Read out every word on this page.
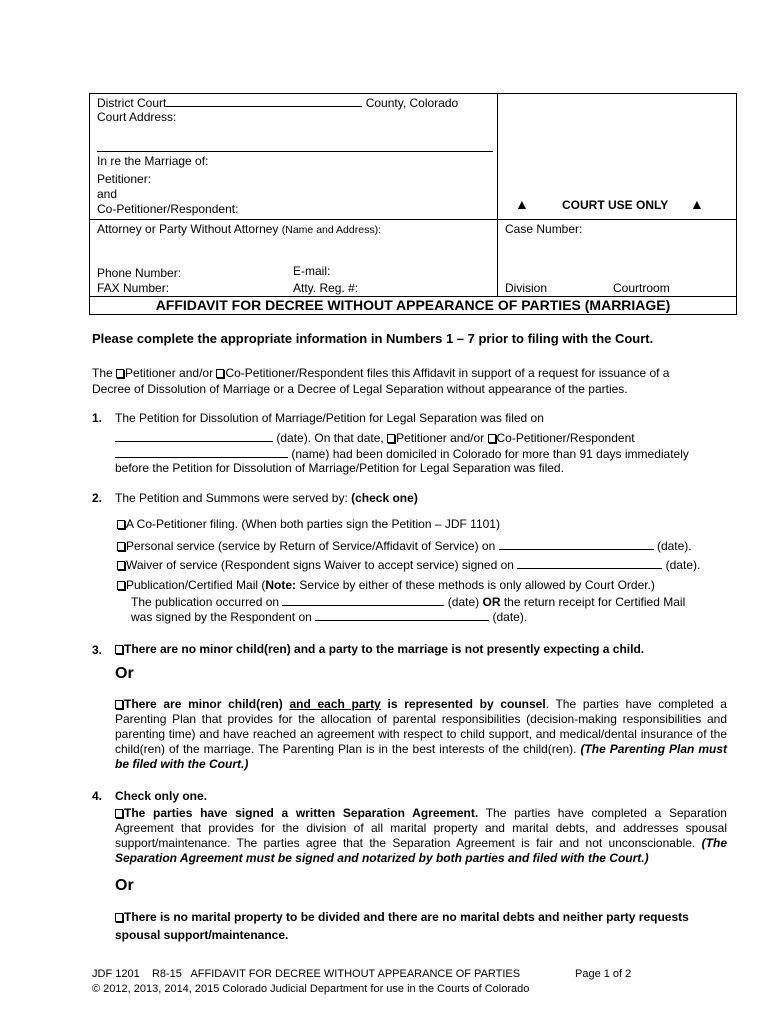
District Court	County, Colorado
Court Address:
In re the Marriage of:
Petitioner:
and
Co-Petitioner/Respondent:	▲	COURT USE ONLY ▲
Attorney or Party Without Attorney (Name and Address):	Case Number:
Phone Number:
FAX Number:
E-mail:
Atty. Reg. #:	Division	Courtroom
AFFIDAVIT FOR DECREE WITHOUT APPEARANCE OF PARTIES (MARRIAGE)
Please complete the appropriate information in Numbers 1 – 7 prior to filing with the Court.
The Petitioner and/or Co-Petitioner/Respondent files this Affidavit in support of a request for issuance of a
Decree of Dissolution of Marriage or a Decree of Legal Separation without appearance of the parties.
1. The Petition for Dissolution of Marriage/Petition for Legal Separation was filed on
(date). On that date, Petitioner and/or Co-Petitioner/Respondent
(name) had been domiciled in Colorado for more than 91 days immediately
before the Petition for Dissolution of Marriage/Petition for Legal Separation was filed.
2. The Petition and Summons were served by: (check one)
A Co-Petitioner filing. (When both parties sign the Petition – JDF 1101)
Personal service (service by Return of Service/Affidavit of Service) on	(date).
Waiver of service (Respondent signs Waiver to accept service) signed on	(date).
Publication/Certified Mail (Note: Service by either of these methods is only allowed by Court Order.)
The publication occurred on	(date) OR the return receipt for Certified Mail
was signed by the Respondent on	(date).
3.	There are no minor child(ren) and a party to the marriage is not presently expecting a child.
Or
There are minor child(ren) and each party is represented by counsel. The parties have completed a Parenting Plan that provides for the allocation of parental responsibilities (decision-making responsibilities and parenting time) and have reached an agreement with respect to child support, and medical/dental insurance of the child(ren) of the marriage. The Parenting Plan is in the best interests of the child(ren). (The Parenting Plan must be filed with the Court.)
4. Check only one.
The parties have signed a written Separation Agreement. The parties have completed a Separation Agreement that provides for the division of all marital property and marital debts, and addresses spousal support/maintenance. The parties agree that the Separation Agreement is fair and not unconscionable. (The Separation Agreement must be signed and notarized by both parties and filed with the Court.)
Or
There is no marital property to be divided and there are no marital debts and neither party requests spousal support/maintenance.
JDF 1201 R8-15 AFFIDAVIT FOR DECREE WITHOUT APPEARANCE OF PARTIES	Page 1 of 2
© 2012, 2013, 2014, 2015 Colorado Judicial Department for use in the Courts of Colorado
